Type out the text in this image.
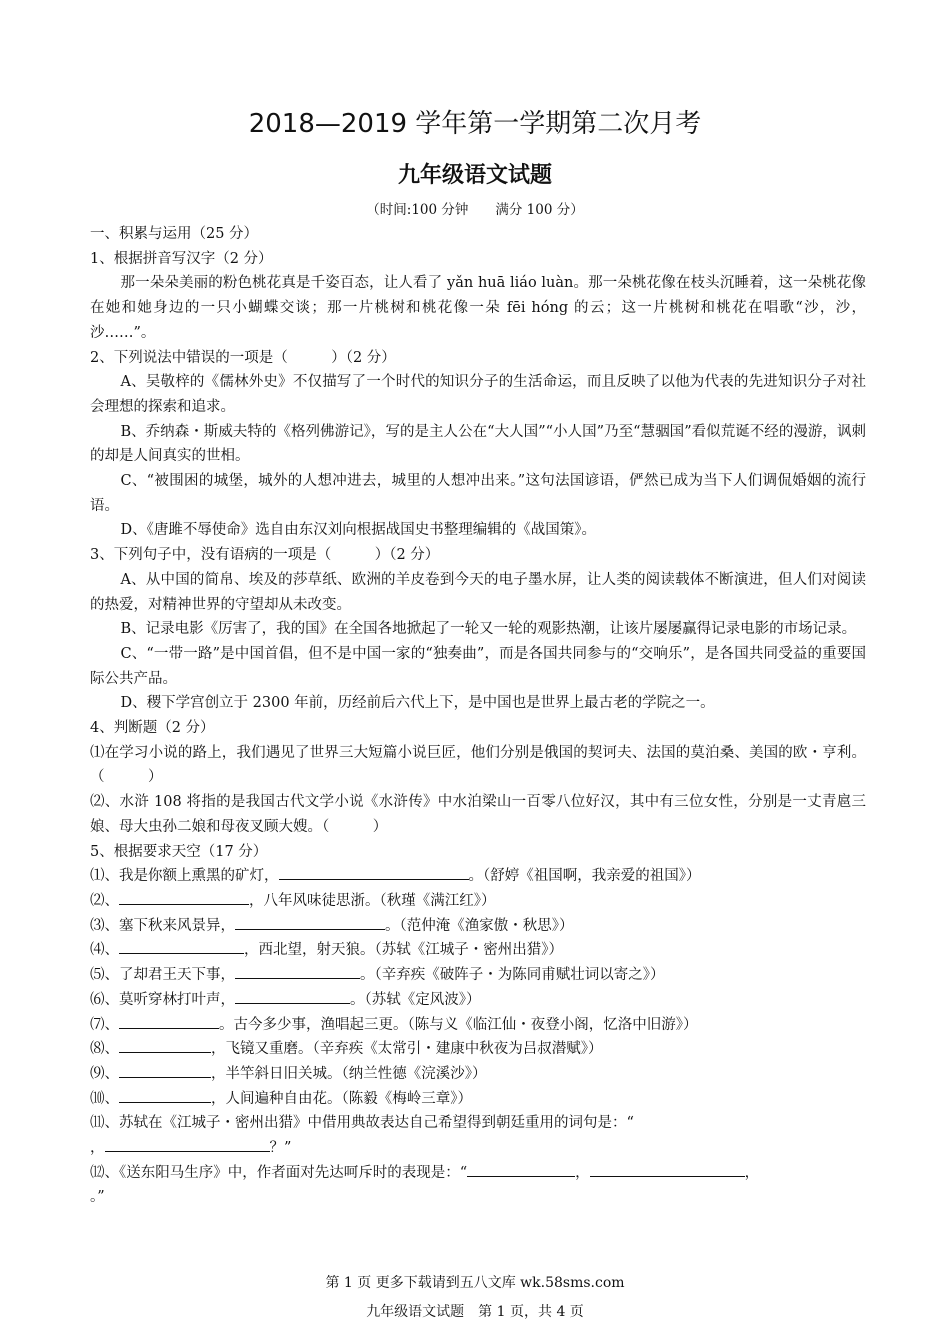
2018—2019 学年第一学期第二次月考
九年级语文试题
（时间:100 分钟　　满分 100 分）

一、积累与运用（25 分）

1、根据拼音写汉字（2 分）

那一朵朵美丽的粉色桃花真是千姿百态，让人看了 yǎn huā liáo luàn。那一朵桃花像在枝头沉睡着，这一朵桃花像在她和她身边的一只小蝴蝶交谈；那一片桃树和桃花像一朵 fēi hóng 的云；这一片桃树和桃花在唱歌“沙，沙，沙……”。

2、下列说法中错误的一项是（　　　）（2 分）

A、吴敬梓的《儒林外史》不仅描写了一个时代的知识分子的生活命运，而且反映了以他为代表的先进知识分子对社会理想的探索和追求。

B、乔纳森・斯威夫特的《格列佛游记》，写的是主人公在“大人国”“小人国”乃至“慧骃国”看似荒诞不经的漫游，讽刺的却是人间真实的世相。

C、“被围困的城堡，城外的人想冲进去，城里的人想冲出来。”这句法国谚语，俨然已成为当下人们调侃婚姻的流行语。

D、《唐雎不辱使命》选自由东汉刘向根据战国史书整理编辑的《战国策》。

3、下列句子中，没有语病的一项是（　　　）（2 分）

A、从中国的简帛、埃及的莎草纸、欧洲的羊皮卷到今天的电子墨水屏，让人类的阅读载体不断演进，但人们对阅读的热爱，对精神世界的守望却从未改变。

B、记录电影《厉害了，我的国》在全国各地掀起了一轮又一轮的观影热潮，让该片屡屡赢得记录电影的市场记录。

C、“一带一路”是中国首倡，但不是中国一家的“独奏曲”，而是各国共同参与的“交响乐”，是各国共同受益的重要国际公共产品。

D、稷下学宫创立于 2300 年前，历经前后六代上下，是中国也是世界上最古老的学院之一。

4、判断题（2 分）

⑴在学习小说的路上，我们遇见了世界三大短篇小说巨匠，他们分别是俄国的契诃夫、法国的莫泊桑、美国的欧・亨利。（　　　）

⑵、水浒 108 将指的是我国古代文学小说《水浒传》中水泊梁山一百零八位好汉，其中有三位女性，分别是一丈青扈三娘、母大虫孙二娘和母夜叉顾大嫂。（　　　）

5、根据要求天空（17 分）

⑴、我是你额上熏黑的矿灯，	。（舒婷《祖国啊，我亲爱的祖国》）

⑵、	，八年风味徒思浙。（秋瑾《满江红》）

⑶、塞下秋来风景异，	。（范仲淹《渔家傲・秋思》）

⑷、	，西北望，射天狼。（苏轼《江城子・密州出猎》）

⑸、了却君王天下事，	。（辛弃疾《破阵子・为陈同甫赋壮词以寄之》）

⑹、莫听穿林打叶声，	。（苏轼《定风波》）

⑺、	。古今多少事，渔唱起三更。（陈与义《临江仙・夜登小阁，忆洛中旧游》）

⑻、	，飞镜又重磨。（辛弃疾《太常引・建康中秋夜为吕叔潜赋》）

⑼、	，半竿斜日旧关城。（纳兰性德《浣溪沙》）

⑽、	，人间遍种自由花。（陈毅《梅岭三章》）

⑾、苏轼在《江城子・密州出猎》中借用典故表达自己希望得到朝廷重用的词句是：“

，	？”

⑿、《送东阳马生序》中，作者面对先达呵斥时的表现是：“	，	，

。”

第 1 页 更多下载请到五八文库 wk.58sms.com
九年级语文试题　第 1 页，共 4 页
